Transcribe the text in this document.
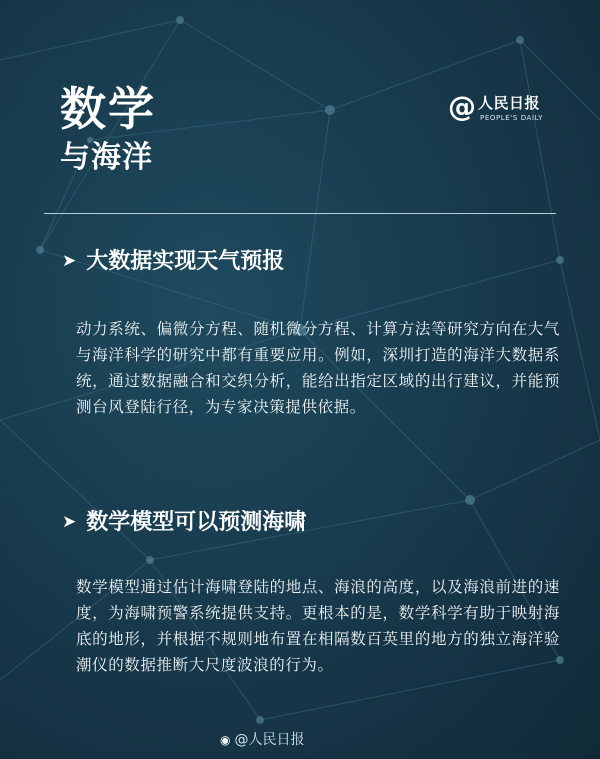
数学
与海洋
@ 人民日报
PEOPLE'S DAILY
➤ 大数据实现天气预报
动力系统、偏微分方程、随机微分方程、计算方法等研究方向在大气与海洋科学的研究中都有重要应用。例如，深圳打造的海洋大数据系统，通过数据融合和交织分析，能给出指定区域的出行建议，并能预测台风登陆行径，为专家决策提供依据。
➤ 数学模型可以预测海啸
数学模型通过估计海啸登陆的地点、海浪的高度，以及海浪前进的速度，为海啸预警系统提供支持。更根本的是，数学科学有助于映射海底的地形，并根据不规则地布置在相隔数百英里的地方的独立海洋验潮仪的数据推断大尺度波浪的行为。
◉ @人民日报
